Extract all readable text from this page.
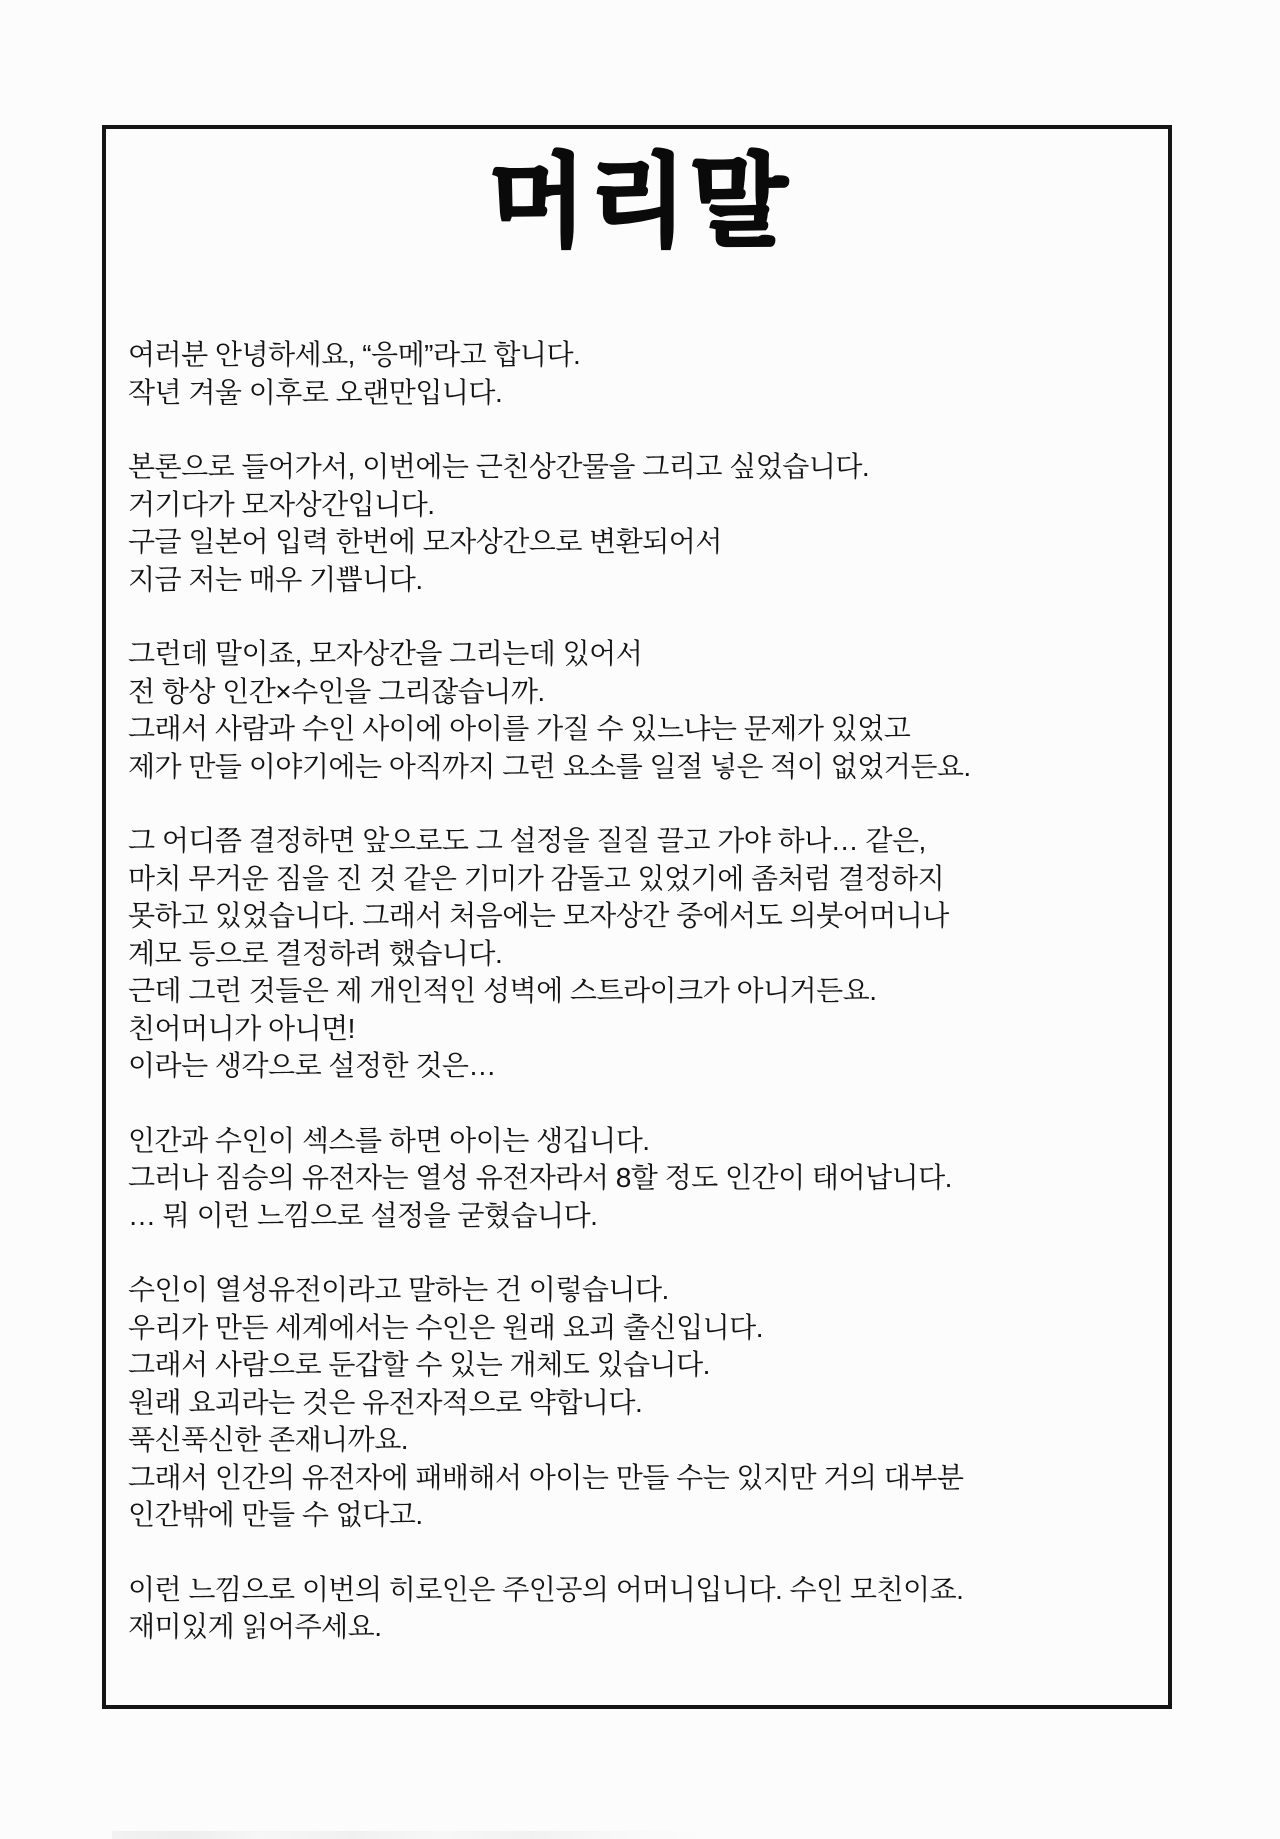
머리말
여러분 안녕하세요, “응메”라고 합니다.
작년 겨울 이후로 오랜만입니다.
본론으로 들어가서, 이번에는 근친상간물을 그리고 싶었습니다.
거기다가 모자상간입니다.
구글 일본어 입력 한번에 모자상간으로 변환되어서
지금 저는 매우 기쁩니다.
그런데 말이죠, 모자상간을 그리는데 있어서
전 항상 인간×수인을 그리잖습니까.
그래서 사람과 수인 사이에 아이를 가질 수 있느냐는 문제가 있었고
제가 만들 이야기에는 아직까지 그런 요소를 일절 넣은 적이 없었거든요.
그 어디쯤 결정하면 앞으로도 그 설정을 질질 끌고 가야 하나… 같은,
마치 무거운 짐을 진 것 같은 기미가 감돌고 있었기에 좀처럼 결정하지
못하고 있었습니다. 그래서 처음에는 모자상간 중에서도 의붓어머니나
계모 등으로 결정하려 했습니다.
근데 그런 것들은 제 개인적인 성벽에 스트라이크가 아니거든요.
친어머니가 아니면!
이라는 생각으로 설정한 것은…
인간과 수인이 섹스를 하면 아이는 생깁니다.
그러나 짐승의 유전자는 열성 유전자라서 8할 정도 인간이 태어납니다.
… 뭐 이런 느낌으로 설정을 굳혔습니다.
수인이 열성유전이라고 말하는 건 이렇습니다.
우리가 만든 세계에서는 수인은 원래 요괴 출신입니다.
그래서 사람으로 둔갑할 수 있는 개체도 있습니다.
원래 요괴라는 것은 유전자적으로 약합니다.
푹신푹신한 존재니까요.
그래서 인간의 유전자에 패배해서 아이는 만들 수는 있지만 거의 대부분
인간밖에 만들 수 없다고.
이런 느낌으로 이번의 히로인은 주인공의 어머니입니다. 수인 모친이죠.
재미있게 읽어주세요.
